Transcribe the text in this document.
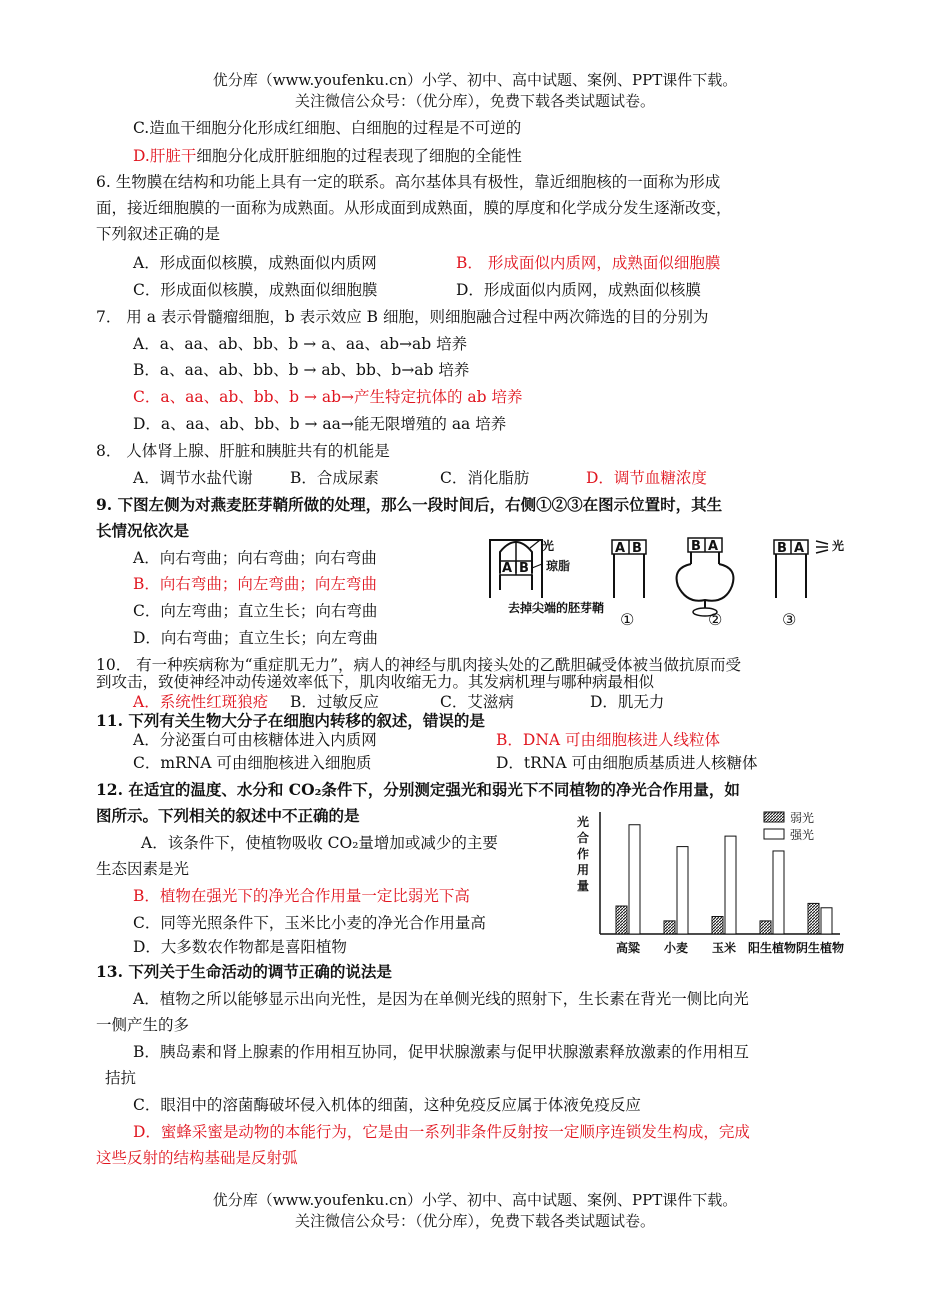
优分库（www.youfenku.cn）小学、初中、高中试题、案例、PPT课件下载。
关注微信公众号：（优分库），免费下载各类试题试卷。
C.造血干细胞分化形成红细胞、白细胞的过程是不可逆的
D.肝脏干细胞分化成肝脏细胞的过程表现了细胞的全能性
6. 生物膜在结构和功能上具有一定的联系。高尔基体具有极性，靠近细胞核的一面称为形成
面，接近细胞膜的一面称为成熟面。从形成面到成熟面，膜的厚度和化学成分发生逐渐改变，
下列叙述正确的是
A．形成面似核膜，成熟面似内质网	B． 形成面似内质网，成熟面似细胞膜
C．形成面似核膜，成熟面似细胞膜	D．形成面似内质网，成熟面似核膜
7． 用 a 表示骨髓瘤细胞，b 表示效应 B 细胞，则细胞融合过程中两次筛选的目的分别为
A．a、aa、ab、bb、b → a、aa、ab→ab 培养
B．a、aa、ab、bb、b → ab、bb、b→ab 培养
C．a、aa、ab、bb、b → ab→产生特定抗体的 ab 培养
D．a、aa、ab、bb、b → aa→能无限增殖的 aa 培养
8． 人体肾上腺、肝脏和胰脏共有的机能是
A．调节水盐代谢 B．合成尿素	C．消化脂肪	D．调节血糖浓度
9. 下图左侧为对燕麦胚芽鞘所做的处理，那么一段时间后，右侧①②③在图示位置时，其生
长情况依次是
A．向右弯曲；向右弯曲；向右弯曲
B．向右弯曲；向左弯曲；向左弯曲
C．向左弯曲；直立生长；向右弯曲
D．向右弯曲；直立生长；向左弯曲
A B
A B	B A	B A
光
琼脂
去掉尖端的胚芽鞘
光
①	②	③
10． 有一种疾病称为“重症肌无力”，病人的神经与肌肉接头处的乙酰胆碱受体被当做抗原而受
到攻击，致使神经冲动传递效率低下，肌肉收缩无力。其发病机理与哪种病最相似
A．系统性红斑狼疮 B．过敏反应	C．艾滋病	D．肌无力
11. 下列有关生物大分子在细胞内转移的叙述，错误的是
A．分泌蛋白可由核糖体进入内质网	B．DNA 可由细胞核进人线粒体
C．mRNA 可由细胞核进入细胞质	D．tRNA 可由细胞质基质进人核糖体
12. 在适宜的温度、水分和 CO₂条件下，分别测定强光和弱光下不同植物的净光合作用量，如
图所示。下列相关的叙述中不正确的是
A．该条件下，使植物吸收 CO₂量增加或减少的主要
生态因素是光
B．植物在强光下的净光合作用量一定比弱光下高
C．同等光照条件下，玉米比小麦的净光合作用量高
D．大多数农作物都是喜阳植物
光
合
作
用
量
高粱 小麦 玉米 阳生植物 阴生植物
弱光
强光
13. 下列关于生命活动的调节正确的说法是
A．植物之所以能够显示出向光性，是因为在单侧光线的照射下，生长素在背光一侧比向光
一侧产生的多
B．胰岛素和肾上腺素的作用相互协同，促甲状腺激素与促甲状腺激素释放激素的作用相互
拮抗
C．眼泪中的溶菌酶破坏侵入机体的细菌，这种免疫反应属于体液免疫反应
D．蜜蜂采蜜是动物的本能行为，它是由一系列非条件反射按一定顺序连锁发生构成，完成
这些反射的结构基础是反射弧
优分库（www.youfenku.cn）小学、初中、高中试题、案例、PPT课件下载。
关注微信公众号：（优分库），免费下载各类试题试卷。
